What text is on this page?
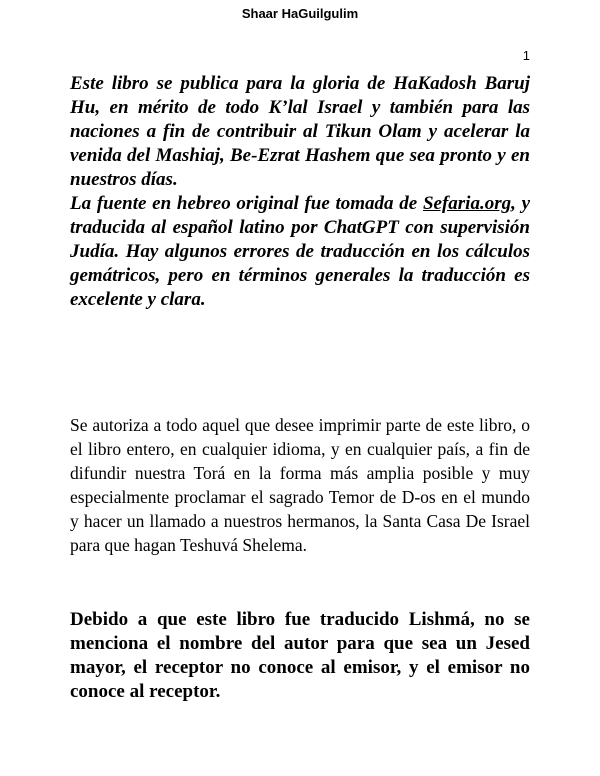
Shaar HaGuilgulim
1

Este libro se publica para la gloria de HaKadosh Baruj Hu, en mérito de todo K’lal Israel y también para las naciones a fin de contribuir al Tikun Olam y acelerar la venida del Mashiaj, Be-Ezrat Hashem que sea pronto y en nuestros días.

La fuente en hebreo original fue tomada de Sefaria.org, y traducida al español latino por ChatGPT con supervisión Judía. Hay algunos errores de traducción en los cálculos gemátricos, pero en términos generales la traducción es excelente y clara.

Se autoriza a todo aquel que desee imprimir parte de este libro, o el libro entero, en cualquier idioma, y en cualquier país, a fin de difundir nuestra Torá en la forma más amplia posible y muy especialmente proclamar el sagrado Temor de D-os en el mundo y hacer un llamado a nuestros hermanos, la Santa Casa De Israel para que hagan Teshuvá Shelema.

Debido a que este libro fue traducido Lishmá, no se menciona el nombre del autor para que sea un Jesed mayor, el receptor no conoce al emisor, y el emisor no conoce al receptor.
